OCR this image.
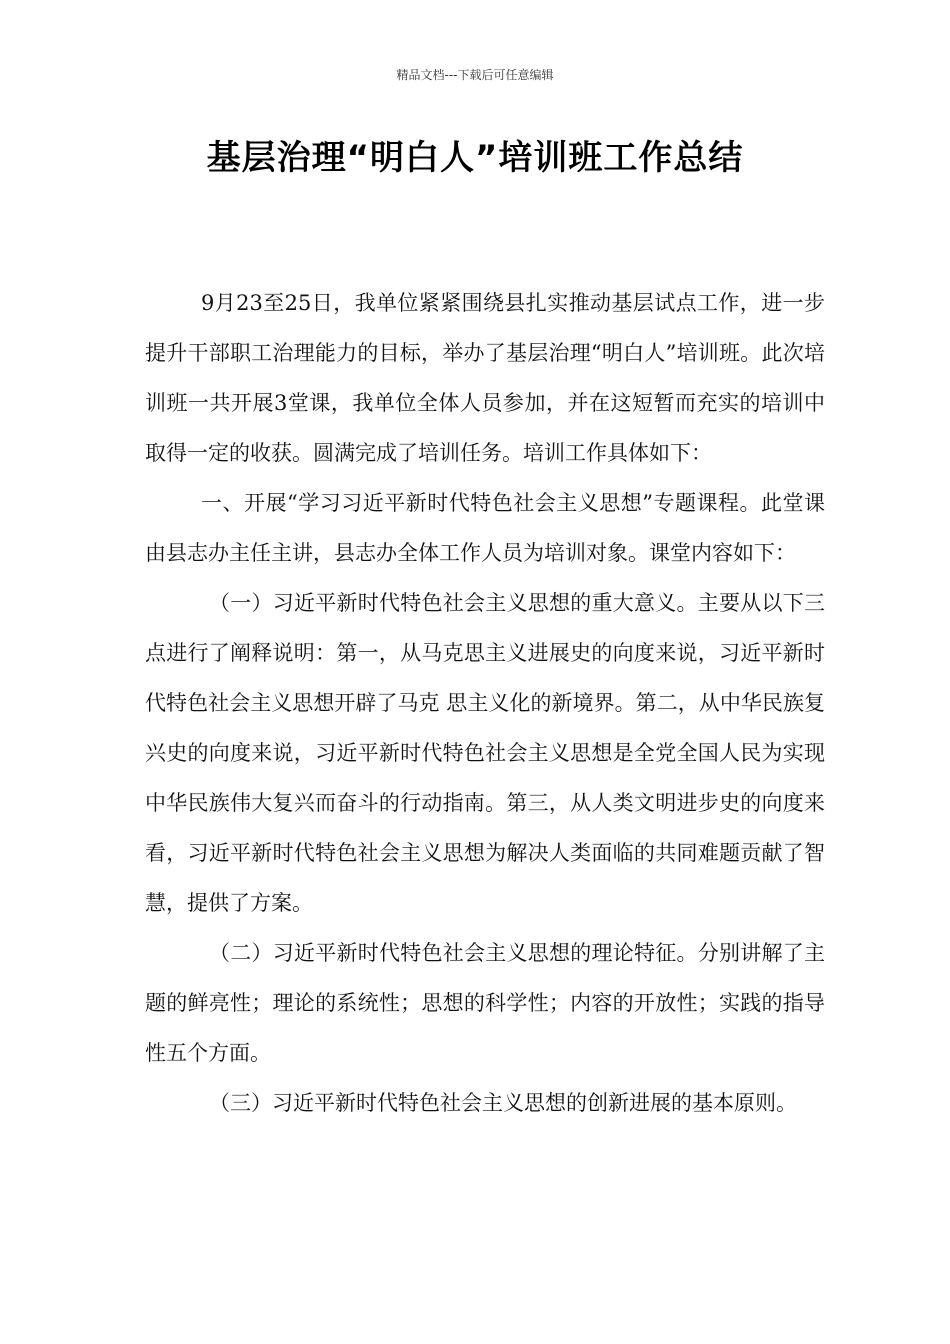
精品文档---下载后可任意编辑
基层治理“明白人”培训班工作总结

9月23至25日，我单位紧紧围绕县扎实推动基层试点工作，进一步提升干部职工治理能力的目标，举办了基层治理“明白人”培训班。此次培训班一共开展3堂课，我单位全体人员参加，并在这短暂而充实的培训中取得一定的收获。圆满完成了培训任务。培训工作具体如下：

一、开展“学习习近平新时代特色社会主义思想”专题课程。此堂课由县志办主任主讲，县志办全体工作人员为培训对象。课堂内容如下：

（一）习近平新时代特色社会主义思想的重大意义。主要从以下三点进行了阐释说明：第一，从马克思主义进展史的向度来说，习近平新时代特色社会主义思想开辟了马克 思主义化的新境界。第二，从中华民族复兴史的向度来说，习近平新时代特色社会主义思想是全党全国人民为实现中华民族伟大复兴而奋斗的行动指南。第三，从人类文明进步史的向度来看，习近平新时代特色社会主义思想为解决人类面临的共同难题贡献了智慧，提供了方案。

（二）习近平新时代特色社会主义思想的理论特征。分别讲解了主题的鲜亮性；理论的系统性；思想的科学性；内容的开放性；实践的指导性五个方面。

（三）习近平新时代特色社会主义思想的创新进展的基本原则。
